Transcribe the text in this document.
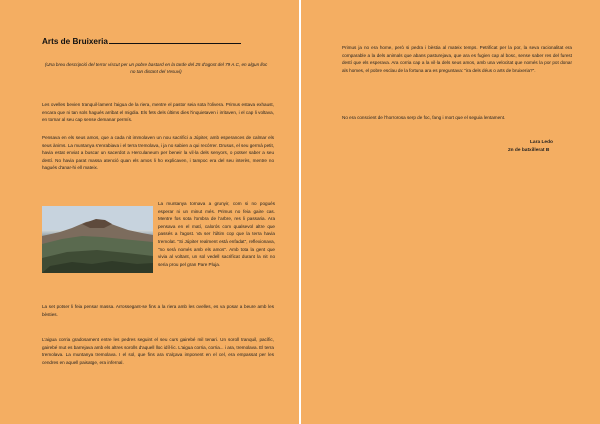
Arts de Bruixeria
(Una breu descripció del terror viscut per un pobre bastard en la tarde del 25 d'agost del 79 A.C, en algun lloc no tan distant del Vesuvi)

Les ovelles bevien tranquil·lament l'aigua de la riera, mentre el pastor seia sota l'olivera. Primus estava exhaust, encara que ni tan sols hagués arribat el migdia. Els fets dels últims dies l'inquietaven i irritaven, i el cap li voltava, en tornar al seu cap sense demanar permís.

Pensava en els seus amos, que a cada nit immolaven un nou sacrifici a Júpiter, amb esperances de calmar els seus ànims. La muntanya s'enrabiava i el terra tremolava, i ja no sabien a qui recórrer. Drusus, el seu germà petit, havia estat enviat a buscar un sacerdot a Herculaneum per beneir la vil·la dels senyors, o potser saber a seu destí. No havia parat massa atenció quan els amos li ho explicaven, i tampoc era del seu interès, mentre no hagués d'anar-hi ell mateix.

La muntanya tornava a grunyir, com si no pogués esperar ni un minut més. Primus no feia gaire cas. Mentre fos sota l'ombra de l'arbre, res li passaria. Ara pensava en el matí, calorós com qualsevol altre que passés a l'agost. Va ser l'últim cop que la terra havia tremolat. "Si Júpiter realment està enfadat", reflexionava, "no serà només amb els amos". Amb tota la gent que vivia al voltant, un sol vedell sacrificat durant la nit no seria prou pel gran Pare Pluja.

La set potser li feia pensar massa. Arrossegant-se fins a la riera amb les ovelles, es va posar a beure amb les bèsties.

L'aigua corria gradosament entre les pedres seguint el seu curs gairebé mil tenari. Un soroll tranquil, pacífic, gairebé mut es barrejava amb els altres sorolls d'aquell lloc idíl·lic. L'aigua corria, corria... i ara, tremolava. El terra tremolava. La muntanya tremolava. I el sol, que fins ara s'alçava imponent en el cel, era empassat per les cendres en aquell paisatge, era infernal.

Primus ja no era home, però si pedra i bèstia al mateix temps. Petrificat per la por, la seva racionalitat era comparable a la dels animals que abans pasturejava, que ara es fugien cap al bosc, sense saber res del furest destí que els esperava. Ara corria cap a la vil·la dels seus amos, amb una velocitat que només la por pot donar als homes, el pobre esclau de la fortuna ara es preguntava: "ira dels déus o arts de bruixeria?".

No era conscient de l'horrorosa serp de foc, fang i mort que el seguia lentament.

Lara Ledo
2n de batxillerat B
